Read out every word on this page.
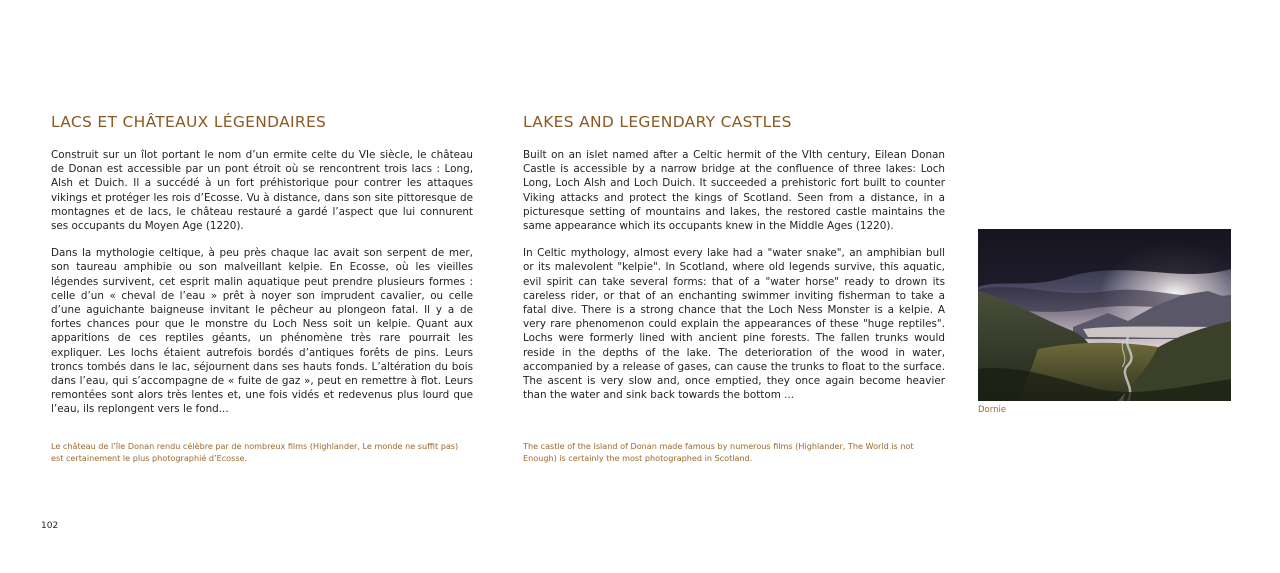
LACS ET CHÂTEAUX LÉGENDAIRES

Construit sur un îlot portant le nom d’un ermite celte du VIe siècle, le château de Donan est accessible par un pont étroit où se rencontrent trois lacs : Long, Alsh et Duich. Il a succédé à un fort préhistorique pour contrer les attaques vikings et protéger les rois d’Ecosse. Vu à distance, dans son site pittoresque de montagnes et de lacs, le château restauré a gardé l’aspect que lui connurent ses occupants du Moyen Age (1220).

Dans la mythologie celtique, à peu près chaque lac avait son serpent de mer, son taureau amphibie ou son malveillant kelpie. En Ecosse, où les vieilles légendes survivent, cet esprit malin aquatique peut prendre plusieurs formes : celle d’un « cheval de l’eau » prêt à noyer son imprudent cavalier, ou celle d’une aguichante baigneuse invitant le pêcheur au plongeon fatal. Il y a de fortes chances pour que le monstre du Loch Ness soit un kelpie. Quant aux apparitions de ces reptiles géants, un phénomène très rare pourrait les expliquer. Les lochs étaient autrefois bordés d’antiques forêts de pins. Leurs troncs tombés dans le lac, séjournent dans ses hauts fonds. L’altération du bois dans l’eau, qui s’accompagne de « fuite de gaz », peut en remettre à flot. Leurs remontées sont alors très lentes et, une fois vidés et redevenus plus lourd que l’eau, ils replongent vers le fond...

Le château de l’île Donan rendu célèbre par de nombreux films (Highlander, Le monde ne suffit pas) est certainement le plus photographié d’Ecosse.
LAKES AND LEGENDARY CASTLES

Built on an islet named after a Celtic hermit of the VIth century, Eilean Donan Castle is accessible by a narrow bridge at the confluence of three lakes: Loch Long, Loch Alsh and Loch Duich. It succeeded a prehistoric fort built to counter Viking attacks and protect the kings of Scotland. Seen from a distance, in a picturesque setting of mountains and lakes, the restored castle maintains the same appearance which its occupants knew in the Middle Ages (1220).

In Celtic mythology, almost every lake had a "water snake", an amphibian bull or its malevolent "kelpie". In Scotland, where old legends survive, this aquatic, evil spirit can take several forms: that of a "water horse" ready to drown its careless rider, or that of an enchanting swimmer inviting fisherman to take a fatal dive. There is a strong chance that the Loch Ness Monster is a kelpie. A very rare phenomenon could explain the appearances of these "huge reptiles". Lochs were formerly lined with ancient pine forests. The fallen trunks would reside in the depths of the lake. The deterioration of the wood in water, accompanied by a release of gases, can cause the trunks to float to the surface. The ascent is very slow and, once emptied, they once again become heavier than the water and sink back towards the bottom ...

The castle of the Island of Donan made famous by numerous films (Highlander, The World is not Enough) is certainly the most photographed in Scotland.
Dornie
102
